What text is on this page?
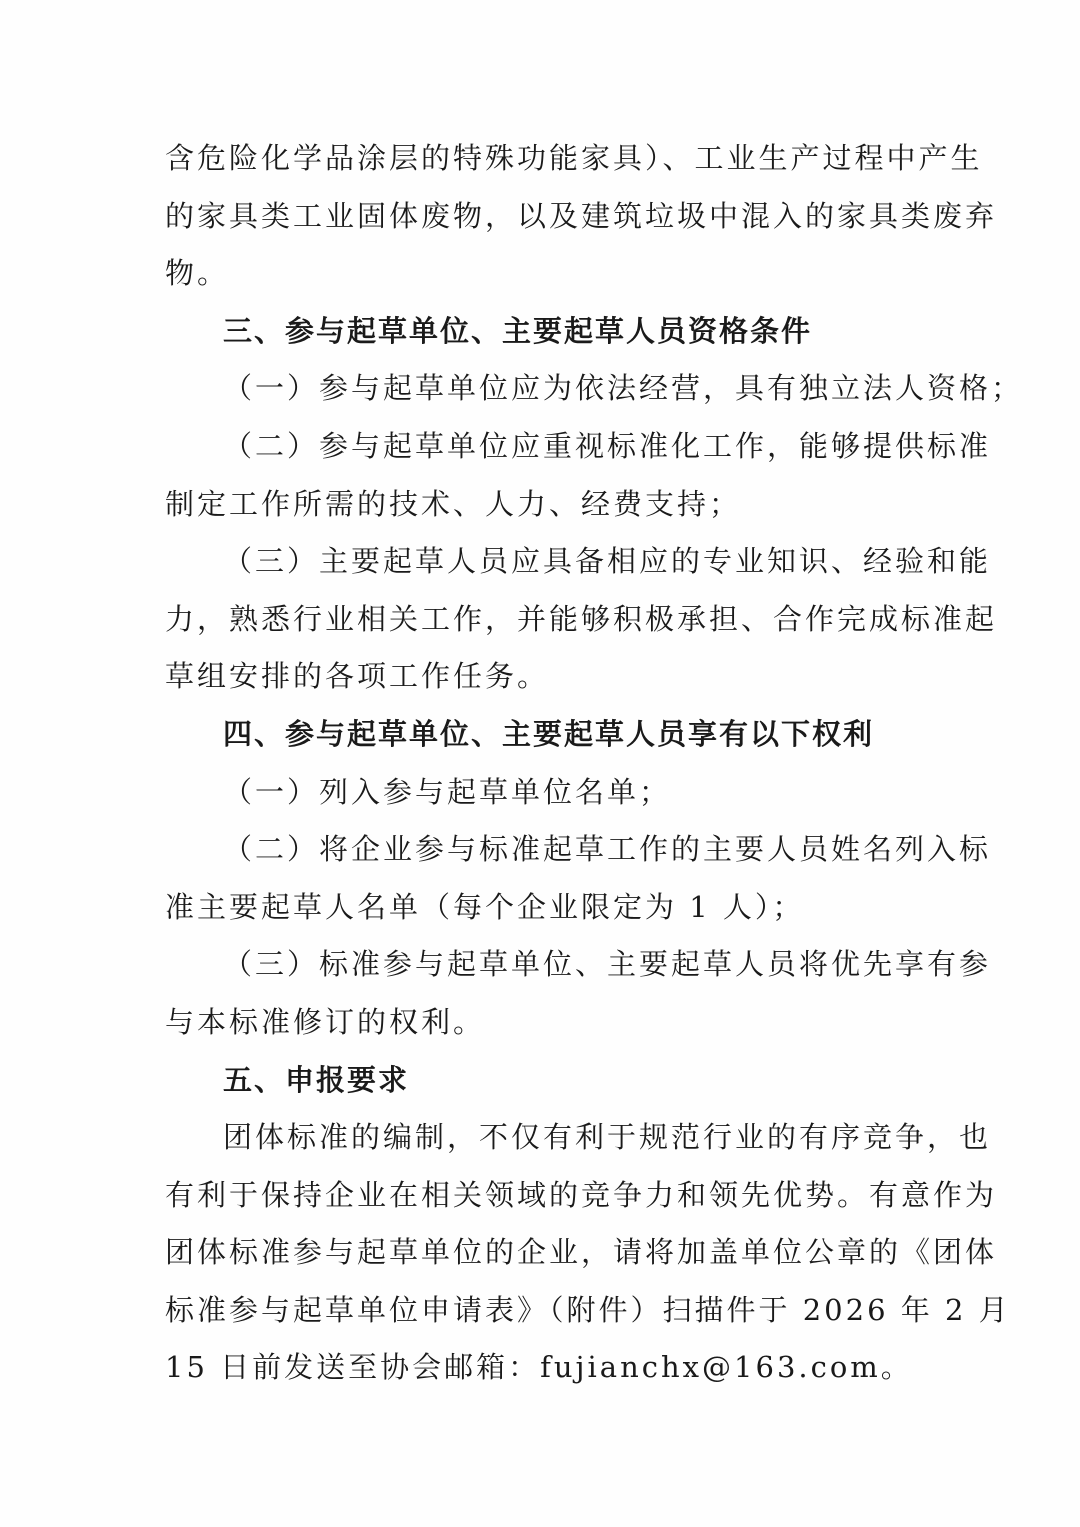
含危险化学品涂层的特殊功能家具）、工业生产过程中产生
的家具类工业固体废物，以及建筑垃圾中混入的家具类废弃
物。
三、参与起草单位、主要起草人员资格条件
（一）参与起草单位应为依法经营，具有独立法人资格；
（二）参与起草单位应重视标准化工作，能够提供标准
制定工作所需的技术、人力、经费支持；
（三）主要起草人员应具备相应的专业知识、经验和能
力，熟悉行业相关工作，并能够积极承担、合作完成标准起
草组安排的各项工作任务。
四、参与起草单位、主要起草人员享有以下权利
（一）列入参与起草单位名单；
（二）将企业参与标准起草工作的主要人员姓名列入标
准主要起草人名单（每个企业限定为 1 人）；
（三）标准参与起草单位、主要起草人员将优先享有参
与本标准修订的权利。
五、申报要求
团体标准的编制，不仅有利于规范行业的有序竞争，也
有利于保持企业在相关领域的竞争力和领先优势。有意作为
团体标准参与起草单位的企业，请将加盖单位公章的《团体
标准参与起草单位申请表》（附件）扫描件于 2026 年 2 月
15 日前发送至协会邮箱：fujianchx@163.com。
